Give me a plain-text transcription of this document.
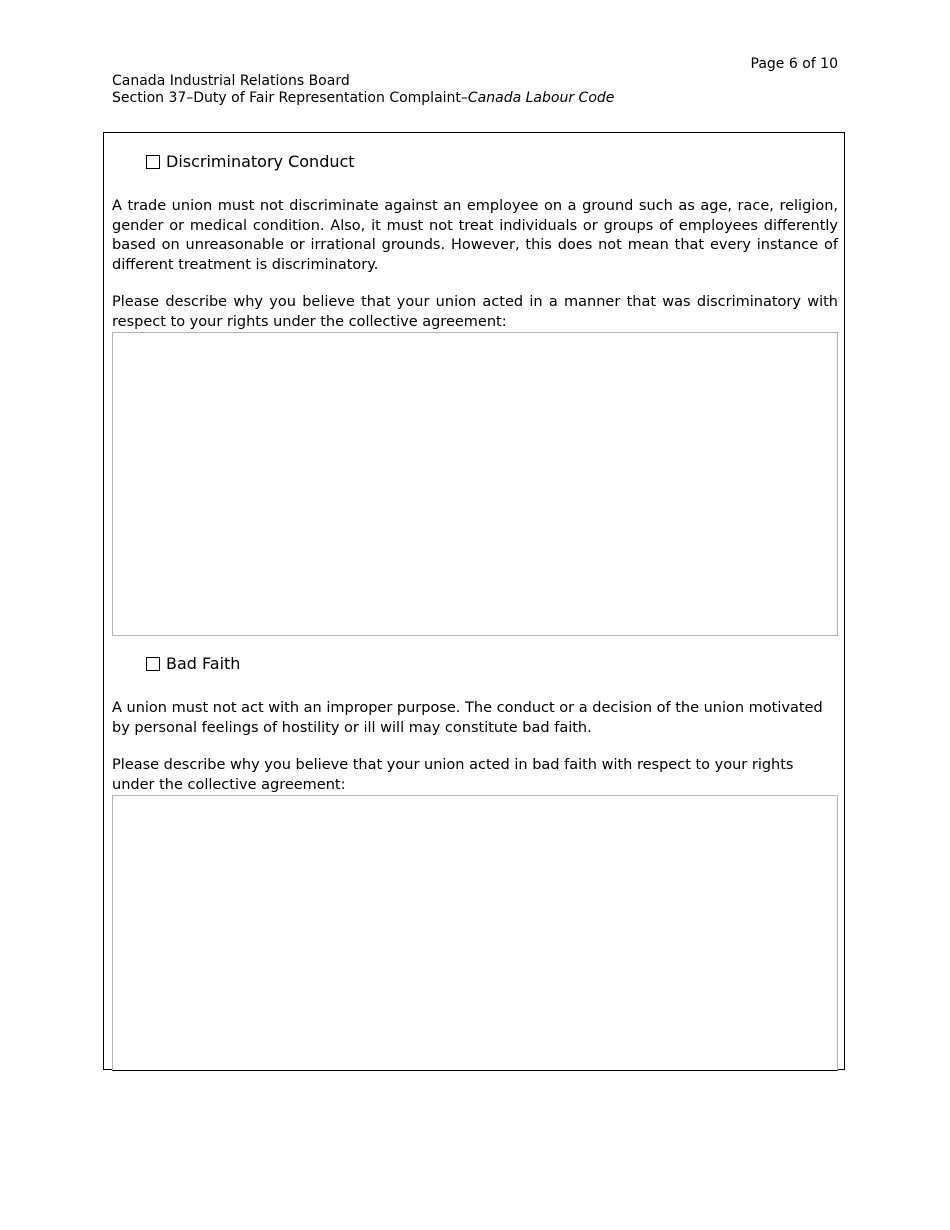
Page 6 of 10
Canada Industrial Relations Board
Section 37–Duty of Fair Representation Complaint–Canada Labour Code
Discriminatory Conduct

A trade union must not discriminate against an employee on a ground such as age, race, religion, gender or medical condition. Also, it must not treat individuals or groups of employees differently based on unreasonable or irrational grounds. However, this does not mean that every instance of different treatment is discriminatory.

Please describe why you believe that your union acted in a manner that was discriminatory with respect to your rights under the collective agreement:

Bad Faith

A union must not act with an improper purpose. The conduct or a decision of the union motivated by personal feelings of hostility or ill will may constitute bad faith.

Please describe why you believe that your union acted in bad faith with respect to your rights under the collective agreement:
